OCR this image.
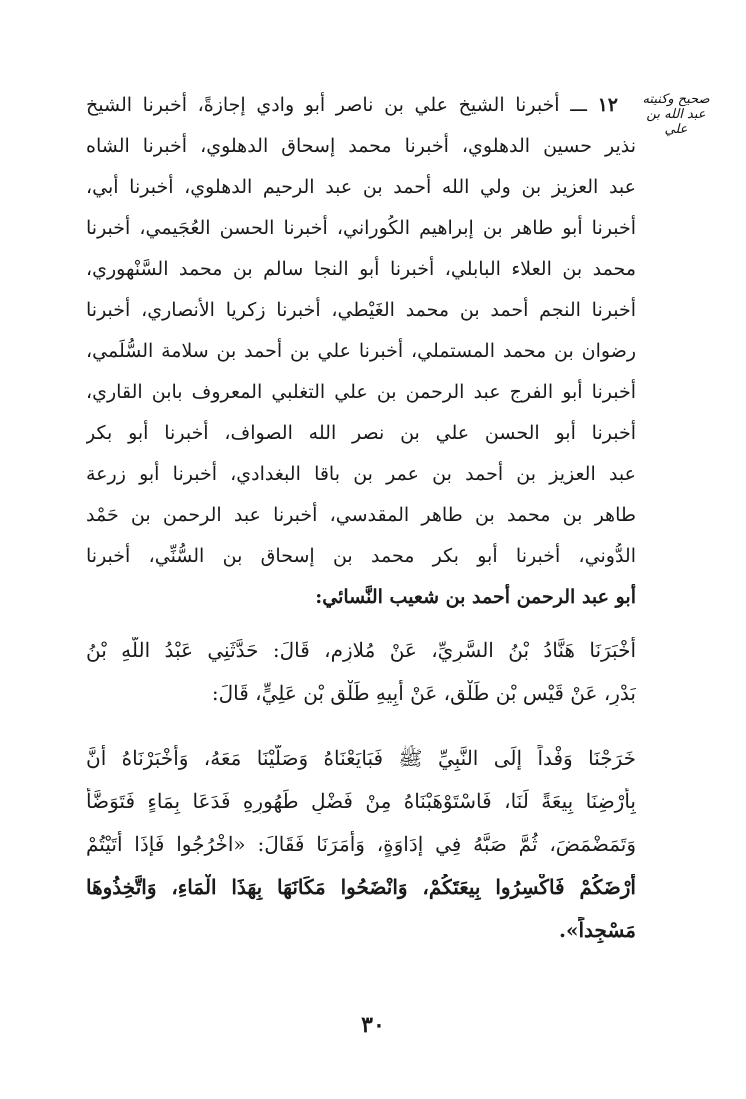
صحيح وكنيته عبد الله بن علي
١٢ ـــ أخبرنا الشيخ علي بن ناصر أبو وادي إجازةً، أخبرنا الشيخ
نذير حسين الدهلوي، أخبرنا محمد إسحاق الدهلوي، أخبرنا الشاه
عبد العزيز بن ولي الله أحمد بن عبد الرحيم الدهلوي، أخبرنا أبي،
أخبرنا أبو طاهر بن إبراهيم الكُوراني، أخبرنا الحسن العُجَيمي، أخبرنا
محمد بن العلاء البابلي، أخبرنا أبو النجا سالم بن محمد السَّنْهوري،
أخبرنا النجم أحمد بن محمد الغَيْطي، أخبرنا زكريا الأنصاري، أخبرنا
رضوان بن محمد المستملي، أخبرنا علي بن أحمد بن سلامة السُّلَمي،
أخبرنا أبو الفرج عبد الرحمن بن علي التغلبي المعروف بابن القاري،
أخبرنا أبو الحسن علي بن نصر الله الصواف، أخبرنا أبو بكر
عبد العزيز بن أحمد بن عمر بن باقا البغدادي، أخبرنا أبو زرعة
طاهر بن محمد بن طاهر المقدسي، أخبرنا عبد الرحمن بن حَمْد
الدُّوني، أخبرنا أبو بكر محمد بن إسحاق بن السُّنِّي، أخبرنا
أبو عبد الرحمن أحمد بن شعيب النَّسائي:
أَخْبَرَنَا هَنَّادُ بْنُ السَّرِيِّ، عَنْ مُلازِمٍ، قَالَ: حَدَّثَنِي عَبْدُ اللَّهِ بْنُ
بَدْرٍ، عَنْ قَيْسِ بْنِ طَلْقٍ، عَنْ أَبِيهِ طَلْقِ بْنِ عَلِيٍّ، قَالَ:
خَرَجْنَا وَفْداً إِلَى النَّبِيِّ ﷺ فَبَايَعْنَاهُ وَصَلَّيْنَا مَعَهُ، وَأَخْبَرْنَاهُ أَنَّ
بِأَرْضِنَا بِيعَةً لَنَا، فَاسْتَوْهَبْنَاهُ مِنْ فَضْلِ طَهُورِهِ فَدَعَا بِمَاءٍ فَتَوَضَّأَ
وَتَمَضْمَضَ، ثُمَّ صَبَّهُ فِي إِدَاوَةٍ، وَأَمَرَنَا فَقَالَ: «اخْرُجُوا فَإِذَا أَتَيْتُمْ
أَرْضَكُمْ فَاكْسِرُوا بِيعَتَكُمْ، وَانْضَحُوا مَكَانَهَا بِهَذَا الْمَاءِ، وَاتَّخِذُوهَا
مَسْجِداً».
٣٠
